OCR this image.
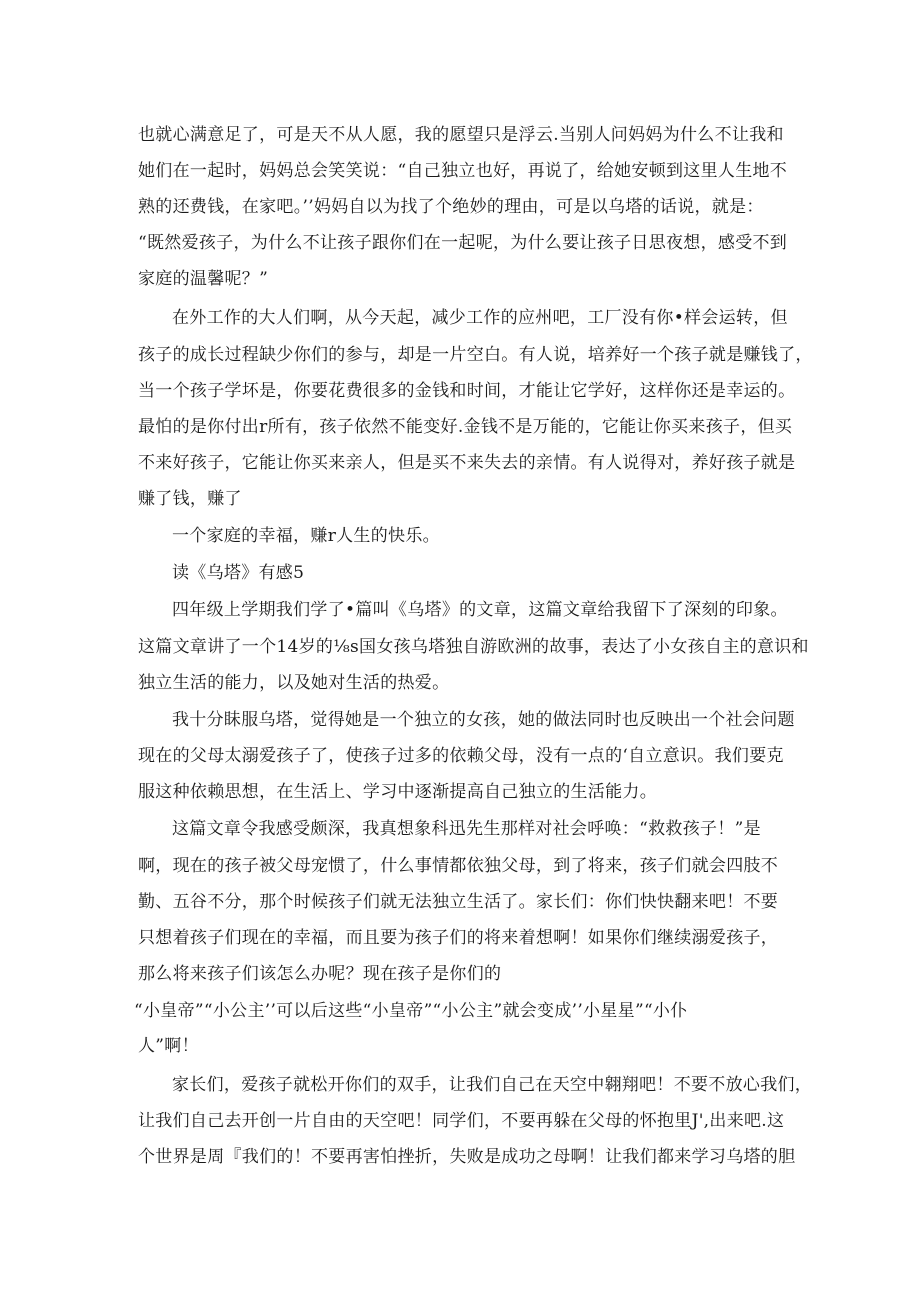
也就心满意足了，可是天不从人愿，我的愿望只是浮云.当别人问妈妈为什么不让我和
她们在一起时，妈妈总会笑笑说：“自己独立也好，再说了，给她安顿到这里人生地不
熟的还费钱，在家吧。’’妈妈自以为找了个绝妙的理由，可是以乌塔的话说，就是：
“既然爱孩子，为什么不让孩子跟你们在一起呢，为什么要让孩子日思夜想，感受不到
家庭的温馨呢？”
在外工作的大人们啊，从今天起，减少工作的应州吧，工厂没有你•样会运转，但
孩子的成长过程缺少你们的参与，却是一片空白。有人说，培养好一个孩子就是赚钱了，
当一个孩子学坏是，你要花费很多的金钱和时间，才能让它学好，这样你还是幸运的。
最怕的是你付出r所有，孩子依然不能变好.金钱不是万能的，它能让你买来孩子，但买
不来好孩子，它能让你买来亲人，但是买不来失去的亲情。有人说得对，养好孩子就是
赚了钱，赚了
一个家庭的幸福，赚r人生的快乐。
读《乌塔》有感5
四年级上学期我们学了•篇叫《乌塔》的文章，这篇文章给我留下了深刻的印象。
这篇文章讲了一个14岁的⅛s国女孩乌塔独自游欧洲的故事，表达了小女孩自主的意识和
独立生活的能力，以及她对生活的热爱。
我十分眛服乌塔，觉得她是一个独立的女孩，她的做法同时也反映出一个社会问题
现在的父母太溺爱孩子了，使孩子过多的依赖父母，没有一点的‘自立意识。我们要克
服这种依赖思想，在生活上、学习中逐渐提高自己独立的生活能力。
这篇文章令我感受颇深，我真想象科迅先生那样对社会呼唤：“救救孩子！”是
啊，现在的孩子被父母宠惯了，什么事情都依独父母，到了将来，孩子们就会四肢不
勤、五谷不分，那个时候孩子们就无法独立生活了。家长们：你们快快翻来吧！不要
只想着孩子们现在的幸福，而且要为孩子们的将来着想啊！如果你们继续溺爱孩子，
那么将来孩子们该怎么办呢？现在孩子是你们的
“小皇帝”“小公主’’可以后这些“小皇帝”“小公主”就会变成’’小星星”“小仆
人”啊！
家长们，爱孩子就松开你们的双手，让我们自己在天空中翱翔吧！不要不放心我们，
让我们自己去开创一片自由的天空吧！同学们，不要再躲在父母的怀抱里J',出来吧.这
个世界是周『我们的！不要再害怕挫折，失败是成功之母啊！让我们都来学习乌塔的胆
